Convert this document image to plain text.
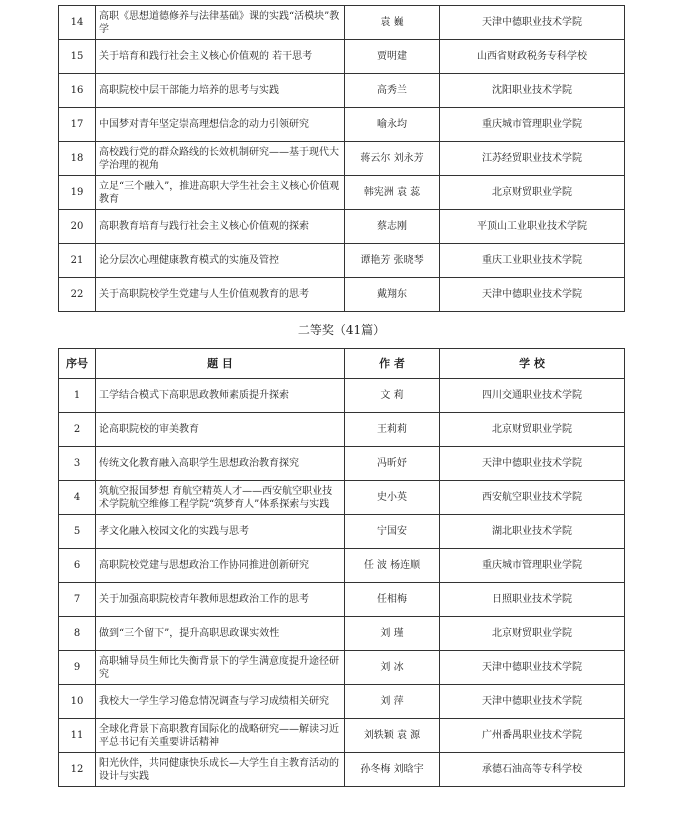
14	高职《思想道德修养与法律基础》课的实践“活模块”教学	袁 巍	天津中德职业技术学院
15	关于培育和践行社会主义核心价值观的 若干思考	贾明建	山西省财政税务专科学校
16	高职院校中层干部能力培养的思考与实践	高秀兰	沈阳职业技术学院
17	中国梦对青年坚定崇高理想信念的动力引领研究	喻永均	重庆城市管理职业学院
18	高校践行党的群众路线的长效机制研究——基于现代大学治理的视角	蒋云尔 刘永芳	江苏经贸职业技术学院
19	立足“三个融入”，推进高职大学生社会主义核心价值观教育	韩宪洲 袁 蕊	北京财贸职业学院
20	高职教育培育与践行社会主义核心价值观的探索	蔡志刚	平顶山工业职业技术学院
21	论分层次心理健康教育模式的实施及管控	谭艳芳 张晓琴	重庆工业职业技术学院
22	关于高职院校学生党建与人生价值观教育的思考	戴翔东	天津中德职业技术学院
二等奖（41篇）			
序号	题 目	作 者	学 校
1	工学结合模式下高职思政教师素质提升探索	文 莉	四川交通职业技术学院
2	论高职院校的审美教育	王莉莉	北京财贸职业学院
3	传统文化教育融入高职学生思想政治教育探究	冯昕妤	天津中德职业技术学院
4	筑航空报国梦想 育航空精英人才——西安航空职业技术学院航空维修工程学院“筑梦育人”体系探索与实践	史小英	西安航空职业技术学院
5	孝文化融入校园文化的实践与思考	宁国安	湖北职业技术学院
6	高职院校党建与思想政治工作协同推进创新研究	任 波 杨连顺	重庆城市管理职业学院
7	关于加强高职院校青年教师思想政治工作的思考	任相梅	日照职业技术学院
8	做到“三个留下”，提升高职思政课实效性	刘 瑾	北京财贸职业学院
9	高职辅导员生师比失衡背景下的学生满意度提升途径研究	刘 冰	天津中德职业技术学院
10	我校大一学生学习倦怠情况调查与学习成绩相关研究	刘 萍	天津中德职业技术学院
11	全球化背景下高职教育国际化的战略研究——解读习近平总书记有关重要讲话精神	刘轶颖 袁 源	广州番禺职业技术学院
12	阳光伙伴，共同健康快乐成长—大学生自主教育活动的设计与实践	孙冬梅 刘晗宇	承德石油高等专科学校
